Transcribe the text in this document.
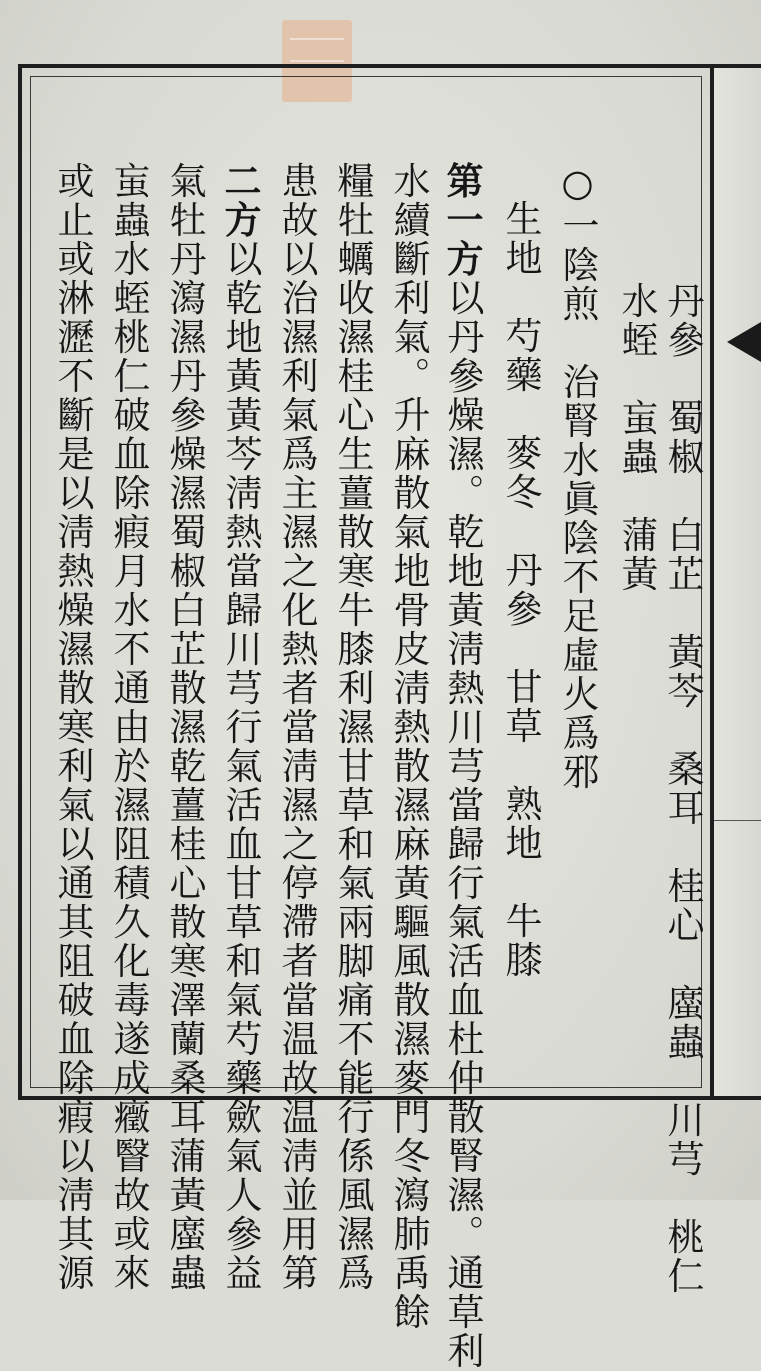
丹參　蜀椒　白芷　黃芩　桑耳　桂心　䗪蟲　川芎　桃仁

水蛭　䖟蟲　蒲黃

○一陰煎　治腎水眞陰不足虛火爲邪

生地　芍藥　麥冬　丹參　甘草　熟地　牛膝

第一方以丹參燥濕。乾地黃淸熱川芎當歸行氣活血杜仲散腎濕。通草利

水續斷利氣。升麻散氣地骨皮淸熱散濕麻黃驅風散濕麥門冬瀉肺禹餘

糧牡蠣收濕桂心生薑散寒牛膝利濕甘草和氣兩脚痛不能行係風濕爲

患故以治濕利氣爲主濕之化熱者當淸濕之停滯者當温故温淸並用第

二方以乾地黃黃芩淸熱當歸川芎行氣活血甘草和氣芍藥歛氣人參益

氣牡丹瀉濕丹參燥濕蜀椒白芷散濕乾薑桂心散寒澤蘭桑耳蒲黃䗪蟲

䖟蟲水蛭桃仁破血除瘕月水不通由於濕阻積久化毒遂成癥瞖故或來

或止或淋瀝不斷是以淸熱燥濕散寒利氣以通其阻破血除瘕以淸其源
